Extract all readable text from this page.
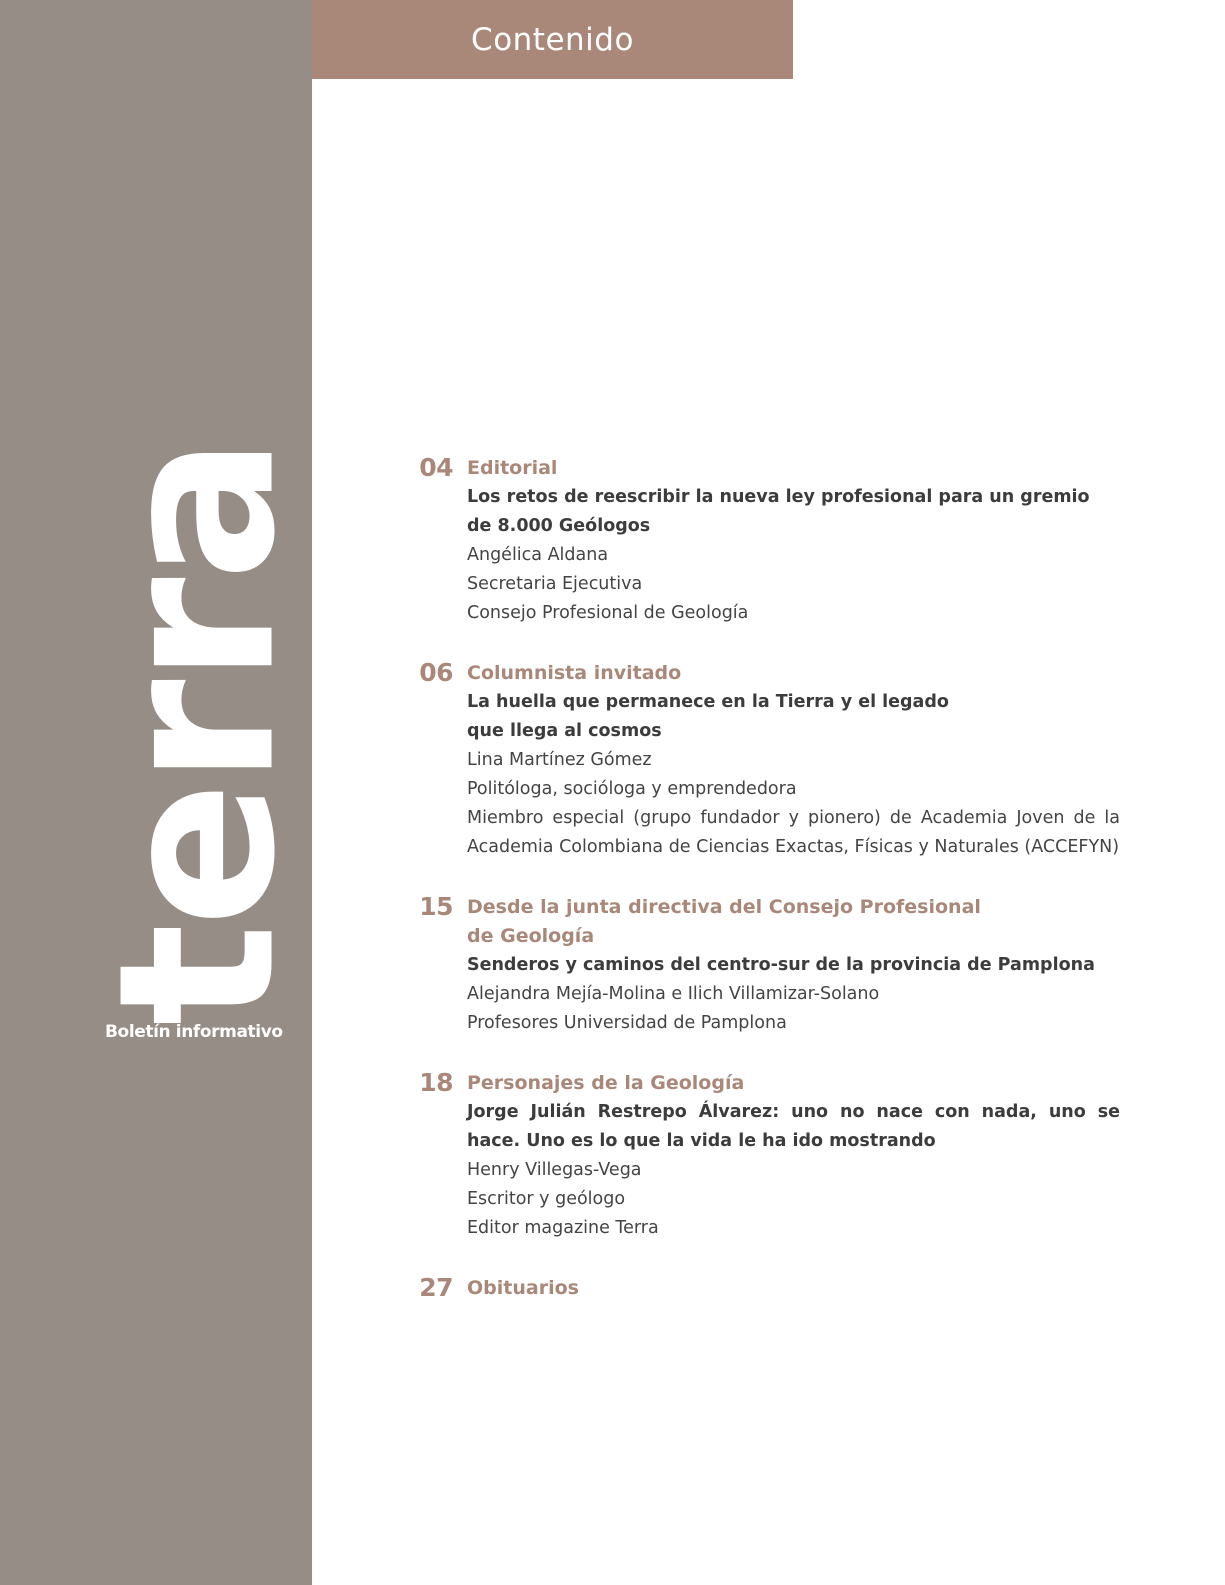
terra
Boletín informativo
Contenido
04 Editorial
Los retos de reescribir la nueva ley profesional para un gremio de 8.000 Geólogos
Angélica Aldana
Secretaria Ejecutiva
Consejo Profesional de Geología
06 Columnista invitado
La huella que permanece en la Tierra y el legado
que llega al cosmos
Lina Martínez Gómez
Politóloga, socióloga y emprendedora
Miembro especial (grupo fundador y pionero) de Academia Joven de la Academia Colombiana de Ciencias Exactas, Físicas y Naturales (ACCEFYN)
15 Desde la junta directiva del Consejo Profesional
de Geología
Senderos y caminos del centro-sur de la provincia de Pamplona
Alejandra Mejía-Molina e Ilich Villamizar-Solano
Profesores Universidad de Pamplona
18 Personajes de la Geología
Jorge Julián Restrepo Álvarez: uno no nace con nada, uno se hace. Uno es lo que la vida le ha ido mostrando
Henry Villegas-Vega
Escritor y geólogo
Editor magazine Terra
27 Obituarios
